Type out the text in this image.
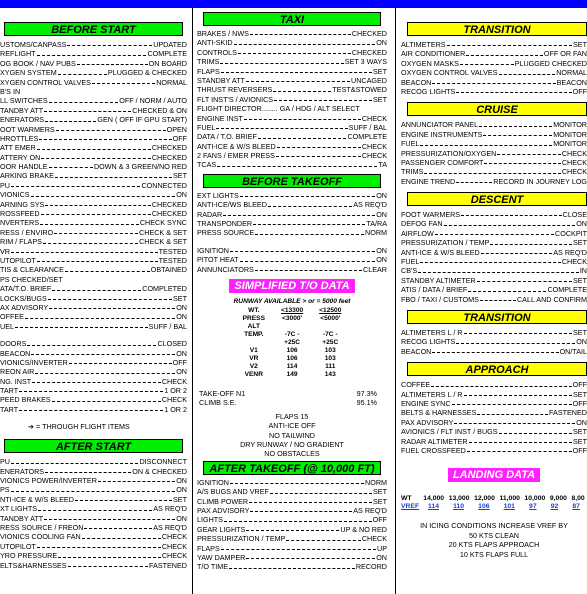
BEFORE START
USTOMS/CANPASS	UPDATED
REFLIGHT	COMPLETE
OG BOOK / NAV PUBS	ON BOARD
XYGEN SYSTEM	PLUGGED & CHECKED
XYGEN CONTROL VALVES	NORMAL
B'S IN
LL SWITCHES	OFF / NORM / AUTO
TANDBY ATT	CHECKED & ON
ENERATORS	GEN ( OFF IF GPU START)
OOT WARMERS	OPEN
HROTTLES	OFF
ATT EMER	CHECKED
ATTERY ON	CHECKED
OOR HANDLE	DOWN & 3 GREEN/NO RED
ARKING BRAKE	SET
PU	CONNECTED
VIONICS	ON
ARNING SYS	CHECKED
ROSSFEED	CHECKED
NVERTERS	CHECK SYNC
RESS / ENVIRO	CHECK & SET
RIM / FLAPS	CHECK & SET
VR	TESTED
UTOPILOT	TESTED
TIS & CLEARANCE	OBTAINED
PS CHECKED/SET
ATA/T.O. BRIEF	COMPLETED
LOCKS/BUGS	SET
AX ADVISORY	ON
OFFEE	ON
UEL	SUFF / BAL
DOORS	CLOSED
BEACON	ON
VIONICS/INVERTER	OFF
REON AIR	ON
NG. INST	CHECK
TART	1 OR 2
PEED BRAKES	CHECK
TART	1 OR 2
➔ = THROUGH FLIGHT ITEMS
AFTER START
PU	DISCONNECT
ENERATORS	ON & CHECKED
VIONICS POWER/INVERTER	ON
PS	ON
NTI-ICE & W/S BLEED	SET
XT LIGHTS	AS REQ'D
TANDBY ATT	ON
RESS SOURCE / FREON	AS REQ'D
VIONICS COOLING FAN	CHECK
UTOPILOT	CHECK
YRO PRESSURE	CHECK
ELTS&HARNESSES	FASTENED
TAXI
BRAKES / NWS	CHECKED
ANTI-SKID	ON
CONTROLS	CHECKED
TRIMS	SET 3 WAYS
FLAPS	SET
STANDBY ATT	UNCAGED
THRUST REVERSERS	TEST&STOWED
FLT INST'S / AVIONICS	SET
FLIGHT DIRECTOR........ GA / HDG / ALT SELECT
ENGINE INST	CHECK
FUEL	SUFF / BAL
DATA / T.O. BRIEF	COMPLETE
ANTI-ICE & W/S BLEED	CHECK
2 FANS / EMER PRESS	CHECK
TCAS	TA
BEFORE TAKEOFF
EXT LIGHTS	ON
ANTI-ICE/WS BLEED	AS REQ'D
RADAR	ON
TRANSPONDER	TA/RA
PRESS SOURCE	NORM
IGNITION	ON
PITOT HEAT	ON
ANNUNCIATORS	CLEAR
SIMPLIFIED T/O DATA
RUNWAY AVAILABLE > or = 5000 feet
WT.	<13300	<12500
PRESS	<3000'	<5000'
ALT		
TEMP.	-7C -	-7C -
	+25C	+25C
V1	106	103
VR	106	103
V2	114	111
VENR	149	143
TAKE-OFF N1	97.3%
CLIMB S.E.	95.1%
FLAPS 15
ANTI-ICE OFF
NO TAILWIND
DRY RUNWAY / NO GRADIENT
NO OBSTACLES
AFTER TAKEOFF (@ 10,000 FT)
IGNITION	NORM
A/S BUGS AND VREF	SET
CLIMB POWER	SET
PAX ADVISORY	AS REQ'D
LIGHTS	OFF
GEAR LIGHTS	UP & NO RED
PRESSURIZATION / TEMP	CHECK
FLAPS	UP
YAW DAMPER	ON
T/O TIME	RECORD
TRANSITION
ALTIMETERS	SET
AIR CONDITIONER	OFF OR FAN
OXYGEN MASKS	PLUGGED CHECKED
OXYGEN CONTROL VALVES	NORMAL
BEACON	BEACON
RECOG LIGHTS	OFF
CRUISE
ANNUNCIATOR PANEL	MONITOR
ENGINE INSTRUMENTS	MONITOR
FUEL	MONITOR
PRESSURIZATION/OXYGEN	CHECK
PASSENGER COMFORT	CHECK
TRIMS	CHECK
ENGINE TREND	RECORD IN JOURNEY LOG
DESCENT
FOOT WARMERS	CLOSE
DEFOG FAN	ON
AIRFLOW	COCKPIT
PRESSURIZATION / TEMP	SET
ANTI-ICE & W/S BLEED	AS REQ'D
FUEL	CHECK
CB'S	IN
STANDBY ALTIMETER	SET
ATIS / DATA / BRIEF	COMPLETE
FBO / TAXI / CUSTOMS	CALL AND CONFIRM
TRANSITION
ALTIMETERS L / R	SET
RECOG LIGHTS	ON
BEACON	ON/TAIL
APPROACH
COFFEE	OFF
ALTIMETERS L / R	SET
ENGINE SYNC	OFF
BELTS & HARNESSES	FASTENED
PAX ADVISORY	ON
AVIONICS / FLT INST / BUGS	SET
RADAR ALTIMETER	SET
FUEL CROSSFEED	OFF
LANDING DATA
WT	14,000 13,000 12,000 11,000 10,000 9,000 8,00
VREF	114	110	106	101	97	92	87
IN ICING CONDITIONS INCREASE VREF BY
50 KTS CLEAN
20 KTS FLAPS APPROACH
10 KTS FLAPS FULL
